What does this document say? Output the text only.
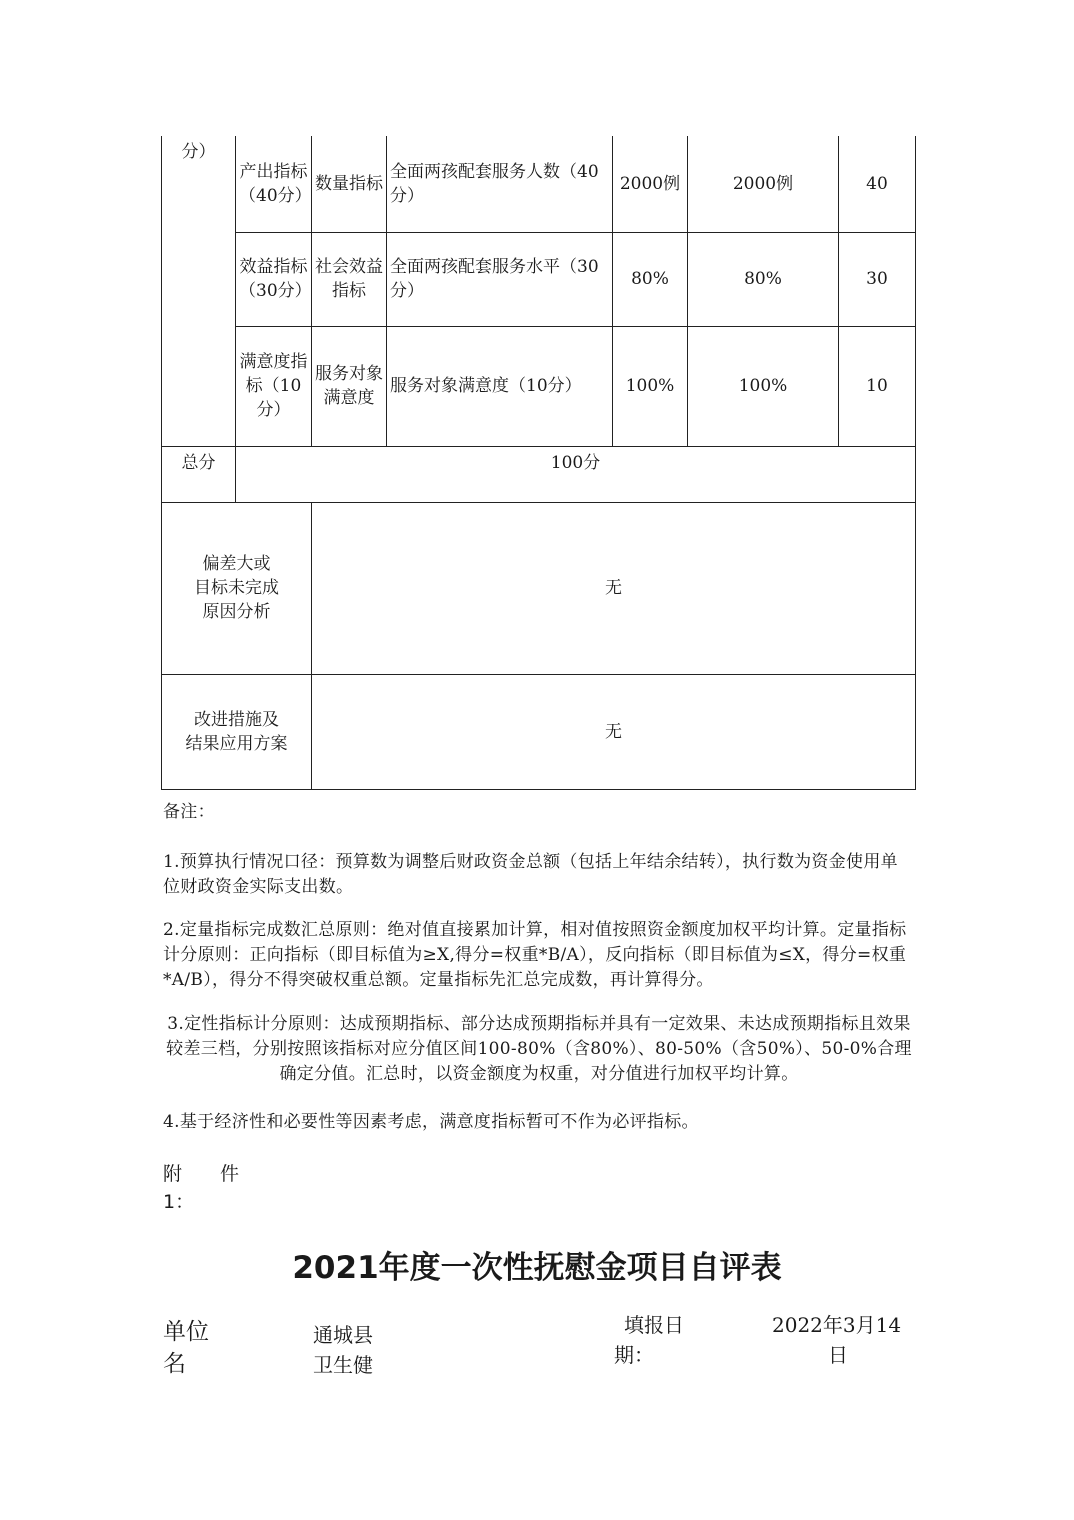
分）	产出指标（40分）	数量指标	全面两孩配套服务人数（40分）	2000例	2000例	40
	效益指标（30分）	社会效益指标	全面两孩配套服务水平（30分）	80%	80%	30
	满意度指标（10分）	服务对象满意度	服务对象满意度（10分）	100%	100%	10
总分	100分					

偏差大或
目标未完成
原因分析		无				

改进措施及
结果应用方案		无				
备注：

1.预算执行情况口径：预算数为调整后财政资金总额（包括上年结余结转），执行数为资金使用单位财政资金实际支出数。

2.定量指标完成数汇总原则：绝对值直接累加计算，相对值按照资金额度加权平均计算。定量指标计分原则：正向指标（即目标值为≥X,得分=权重*B/A），反向指标（即目标值为≤X，得分=权重*A/B），得分不得突破权重总额。定量指标先汇总完成数，再计算得分。

3.定性指标计分原则：达成预期指标、部分达成预期指标并具有一定效果、未达成预期指标且效果较差三档，分别按照该指标对应分值区间100-80%（含80%）、80-50%（含50%）、50-0%合理确定分值。汇总时，以资金额度为权重，对分值进行加权平均计算。

4.基于经济性和必要性等因素考虑，满意度指标暂可不作为必评指标。

附　　件
1：
2021年度一次性抚慰金项目自评表
单位
名
通城县
卫生健
填报日
期：
2022年3月14
日
